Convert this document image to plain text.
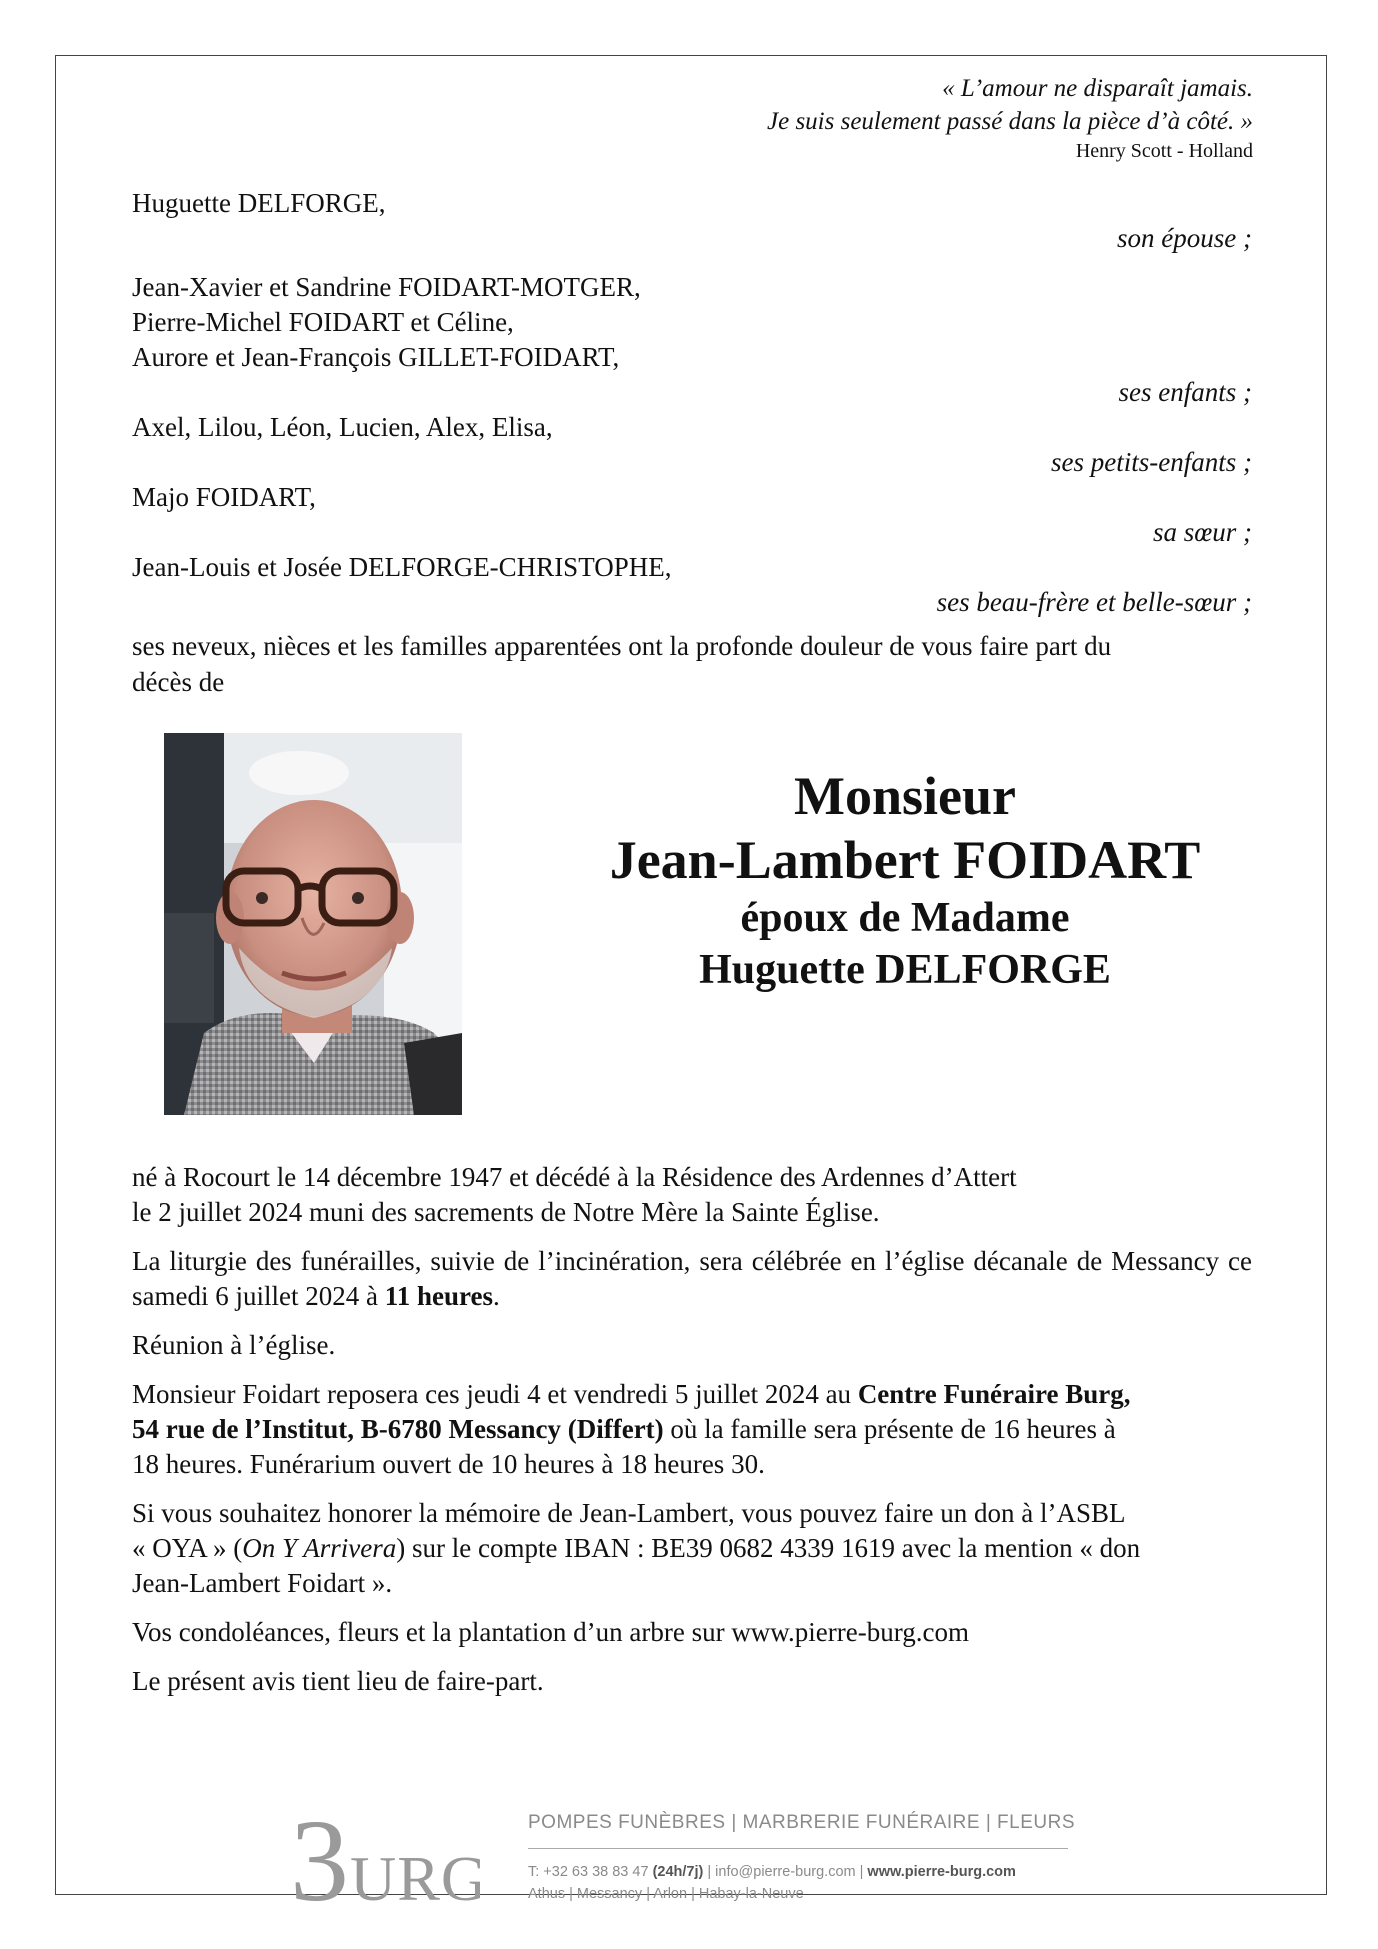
« L’amour ne disparaît jamais.
Je suis seulement passé dans la pièce d’à côté. »
Henry Scott - Holland
Huguette DELFORGE,
son épouse ;
Jean-Xavier et Sandrine FOIDART-MOTGER,
Pierre-Michel FOIDART et Céline,
Aurore et Jean-François GILLET-FOIDART,
ses enfants ;
Axel, Lilou, Léon, Lucien, Alex, Elisa,
ses petits-enfants ;
Majo FOIDART,
sa sœur ;
Jean-Louis et Josée DELFORGE-CHRISTOPHE,
ses beau-frère et belle-sœur ;
ses neveux, nièces et les familles apparentées ont la profonde douleur de vous faire part du
décès de
Monsieur
Jean-Lambert FOIDART
époux de Madame
Huguette DELFORGE

né à Rocourt le 14 décembre 1947 et décédé à la Résidence des Ardennes d’Attert
le 2 juillet 2024 muni des sacrements de Notre Mère la Sainte Église.

La liturgie des funérailles, suivie de l’incinération, sera célébrée en l’église décanale de Messancy ce samedi 6 juillet 2024 à 11 heures.

Réunion à l’église.

Monsieur Foidart reposera ces jeudi 4 et vendredi 5 juillet 2024 au Centre Funéraire Burg,
54 rue de l’Institut, B-6780 Messancy (Differt) où la famille sera présente de 16 heures à
18 heures. Funérarium ouvert de 10 heures à 18 heures 30.

Si vous souhaitez honorer la mémoire de Jean-Lambert, vous pouvez faire un don à l’ASBL
« OYA » (On Y Arrivera) sur le compte IBAN : BE39 0682 4339 1619 avec la mention « don
Jean-Lambert Foidart ».

Vos condoléances, fleurs et la plantation d’un arbre sur www.pierre-burg.com

Le présent avis tient lieu de faire-part.

3 URG
POMPES FUNÈBRES | MARBRERIE FUNÉRAIRE | FLEURS
T: +32 63 38 83 47 (24h/7j) | info@pierre-burg.com | www.pierre-burg.com
Athus | Messancy | Arlon | Habay-la-Neuve
